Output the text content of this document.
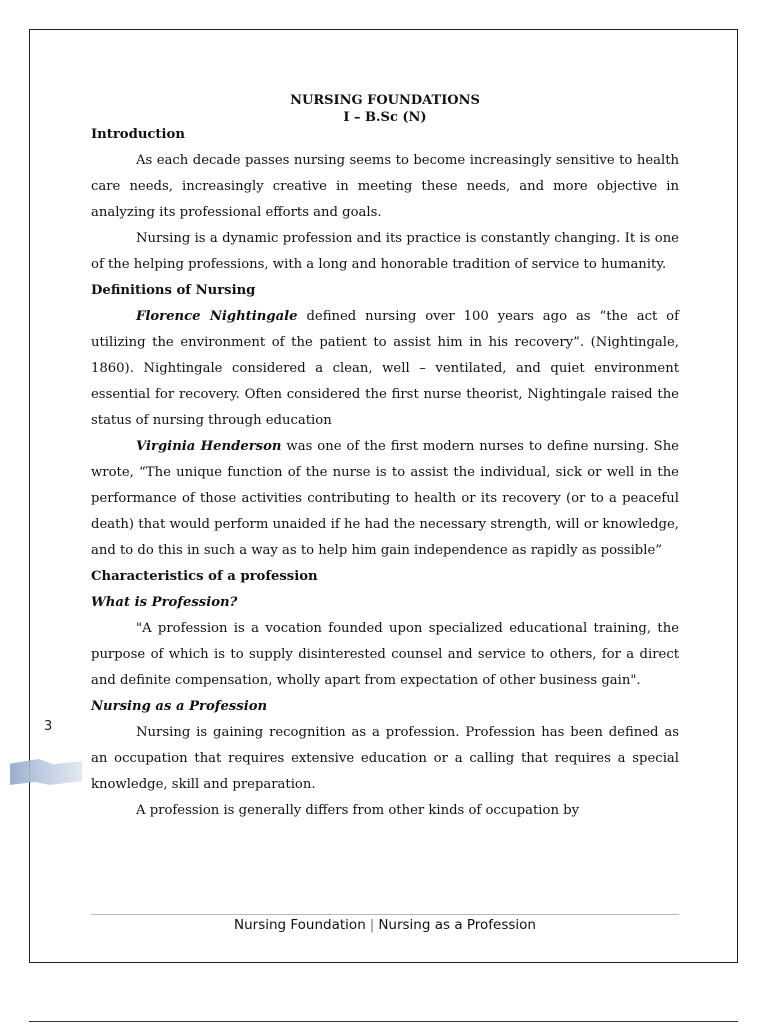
NURSING FOUNDATIONS
I – B.Sc (N)
Introduction

As each decade passes nursing seems to become increasingly sensitive to health care needs, increasingly creative in meeting these needs, and more objective in analyzing its professional efforts and goals.

Nursing is a dynamic profession and its practice is constantly changing. It is one of the helping professions, with a long and honorable tradition of service to humanity.

Definitions of Nursing

Florence Nightingale defined nursing over 100 years ago as “the act of utilizing the environment of the patient to assist him in his recovery”. (Nightingale, 1860). Nightingale considered a clean, well – ventilated, and quiet environment essential for recovery. Often considered the first nurse theorist, Nightingale raised the status of nursing through education

Virginia Henderson was one of the first modern nurses to define nursing. She wrote, “The unique function of the nurse is to assist the individual, sick or well in the performance of those activities contributing to health or its recovery (or to a peaceful death) that would perform unaided if he had the necessary strength, will or knowledge, and to do this in such a way as to help him gain independence as rapidly as possible”

Characteristics of a profession
What is Profession?

"A profession is a vocation founded upon specialized educational training, the purpose of which is to supply disinterested counsel and service to others, for a direct and definite compensation, wholly apart from expectation of other business gain".

Nursing as a Profession

Nursing is gaining recognition as a profession. Profession has been defined as an occupation that requires extensive education or a calling that requires a special knowledge, skill and preparation.

A profession is generally differs from other kinds of occupation by

3
Nursing Foundation | Nursing as a Profession
